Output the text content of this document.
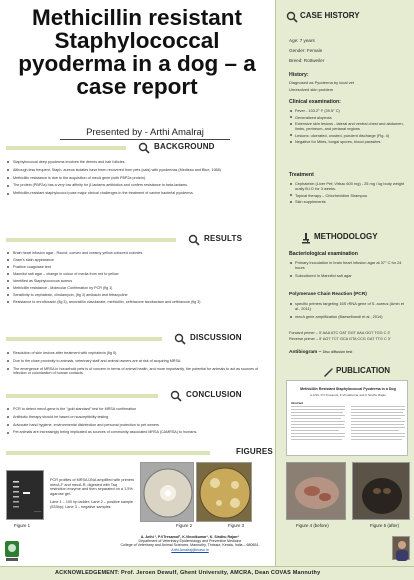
Methicillin resistant Staphylococcal pyoderma in a dog – a case report
Presented by - Arthi Amalraj
BACKGROUND
Staphylococcal deep pyoderma involves the dermis and hair follicles.
Although less frequent, Staph. aureus isolates have been recovered from pets (cats) with pyodermas (Medleau and Blue, 1988)
Methicillin resistance is due to the acquisition of mecA gene (with PBP2a protein).
The protein (PBP2a) has a very low affinity for β-lactams antibiotics and confers resistance to beta-lactams.
Methicillin-resistant staphylococci pose major clinical challenges in the treatment of canine bacterial pyoderma.
RESULTS
Brain heart infusion agar - Round, convex and creamy yellow coloured colonies
Gram's stain appearance
Positive coagulase test
Mannitol salt agar – change in colour of media from red to yellow
Identified as Staphylococcus aureus
Methicillin resistance - Molecular Confirmation by PCR (fig 1)
Sensitivity to cephalexin, clindamycin, (fig 3) amikacin and tetracycline
Resistance to enrofloxacin (fig 3), amoxicillin clavulanate, methicillin, ceftriaxone tazobactam and ceftriaxone (fig 3)
DISCUSSION
Resolution of skin lesions after treatment with cephalexin (fig 5)
Due to the close proximity to animals, veterinary staff and animal owners are at risk of acquiring MRSA.
The emergence of MRSA in household pets is of concern in terms of animal health, and more importantly, the potential for animals to act as sources of infection or colonization of human contacts.
CONCLUSION
PCR to detect mecA gene is the "gold standard" test for MRSA confirmation
Antibiotic therapy should be based on susceptibility testing
Advocate hand hygiene, environmental disinfection and personal protection to pet owners
Pet animals are increasingly being implicated as sources of community associated MRSA (CAMRSA) to humans.
FIGURES
PCR profiles of MRSA DNA amplified with primers mecA-F and mecA-R, digested with Taq restriction enzyme and then separated on a 1.5% agarose gel.
Lane 1 – 100 bp ladder; Lane 2 – positive sample (533bp); Lane 3 – negative samples
Figure 1	Figure 2	Figure 3	Figure 4 (before)	Figure 5 (after)
A. Arthi ¹, P.VTresamol², K.Vinodkumar³, K. Sindhu Rajan⁴
Department of Veterinary Epidemiology and Preventive Medicine
College of Veterinary and Animal Sciences, Mannuthy, Thrissur, Kerala, India – 680651.
Arthi.Amalraj@kvasu.in
ACKNOWLEDGEMENT: Prof. Jeroen Dewulf, Ghent University, AMCRA, Dean COVAS Mannuthy
CASE HISTORY
Age: 7 years
Gender: Female
Breed: Rottweiler
History:
Diagnosed as Pyoderma by local vet
Unresolved skin problem
Clinical examination:
Fever - 103.2° F (39.5° C)
Generalized alopecia
Extensive skin lesions - lateral and ventral chest and abdomen, limbs, perineum, and perianal regions
Lesions: ulcerated, crusted, purulent discharge (Fig. 4)
Negative for Mites, fungal spores, blood parasites
Treatment
Cephalexin (Liver Pet; Virbac 600 mg) - 25 mg / kg body weight orally B.I.D for 3 weeks.
Topical therapy – Chlorhexidine Shampoo
Skin supplements
METHODOLOGY
Bacteriological examination
Primary inoculation in brain heart infusion agar at 37° C for 24 hours
Subcultured in Mannitol salt agar
Polymerase Chain Reaction (PCR)
specific primers targeting 16S rRNA gene of S. aureus (Amin et al., 2011)
mecA gene amplification (Baeselbandl et al., 2014)
Forward primer – 5' AAA ATC GAT GGT AAA GGT TGG C 3'
Reverse primer – 5' AGT TCT GCA GTA CCG GAT TTG C 3'
Antibiogram – Disc diffusion test
PUBLICATION
Methicillin Resistant Staphylococcal Pyoderma in a Dog
A.Arthi, P.V.Tresamol, K.Vinodkumar and K.Sindhu Rajan
Abstract
